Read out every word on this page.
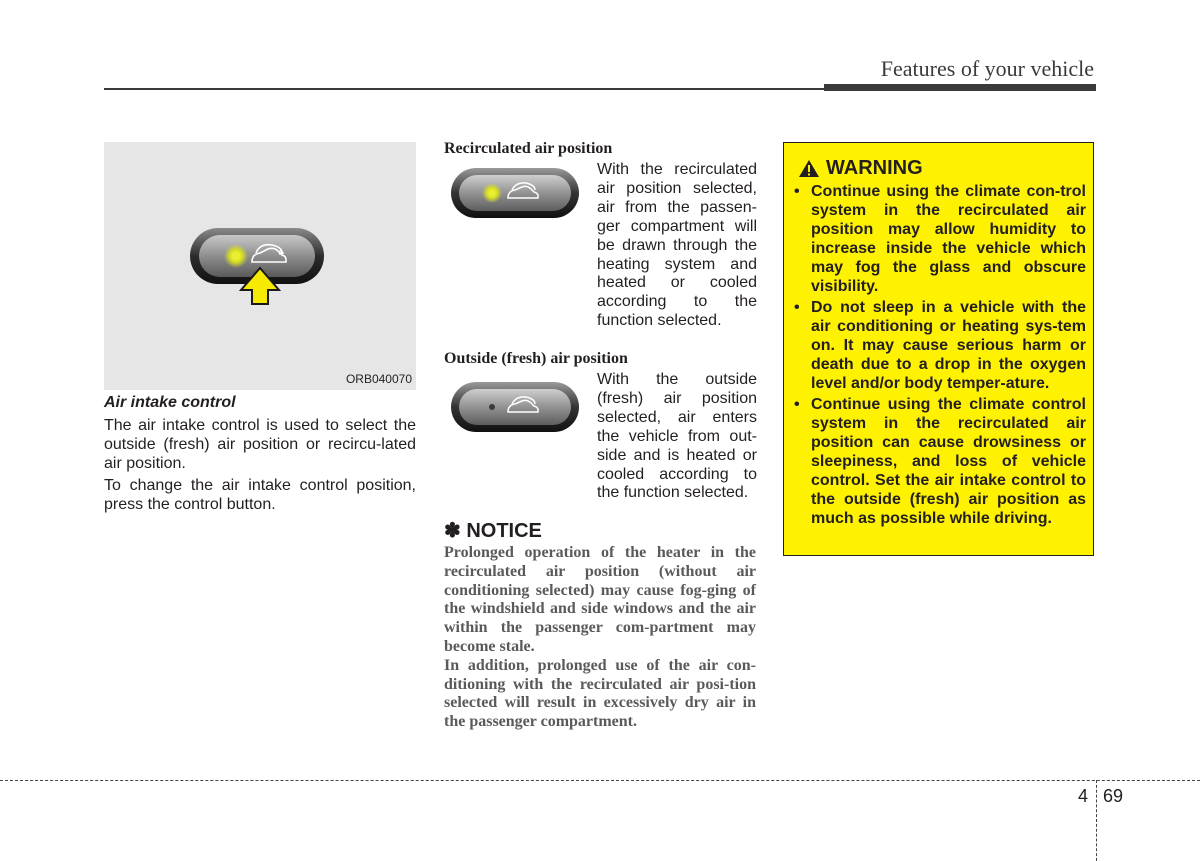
Features of your vehicle
ORB040070
Air intake control

The air intake control is used to select the outside (fresh) air position or recircu-lated air position.

To change the air intake control position, press the control button.

Recirculated air position

With the recirculated air position selected, air from the passen-ger compartment will be drawn through the heating system and heated or cooled according to the function selected.

Outside (fresh) air position

With the outside (fresh) air position selected, air enters the vehicle from out-side and is heated or cooled according to the function selected.

✽ NOTICE

Prolonged operation of the heater in the recirculated air position (without air conditioning selected) may cause fog-ging of the windshield and side windows and the air within the passenger com-partment may become stale.

In addition, prolonged use of the air con-ditioning with the recirculated air posi-tion selected will result in excessively dry air in the passenger compartment.

WARNING
• Continue using the climate con-trol system in the recirculated air position may allow humidity to increase inside the vehicle which may fog the glass and obscure visibility.
• Do not sleep in a vehicle with the air conditioning or heating sys-tem on. It may cause serious harm or death due to a drop in the oxygen level and/or body temper-ature.
• Continue using the climate control system in the recirculated air position can cause drowsiness or sleepiness, and loss of vehicle control. Set the air intake control to the outside (fresh) air position as much as possible while driving.
4 69
